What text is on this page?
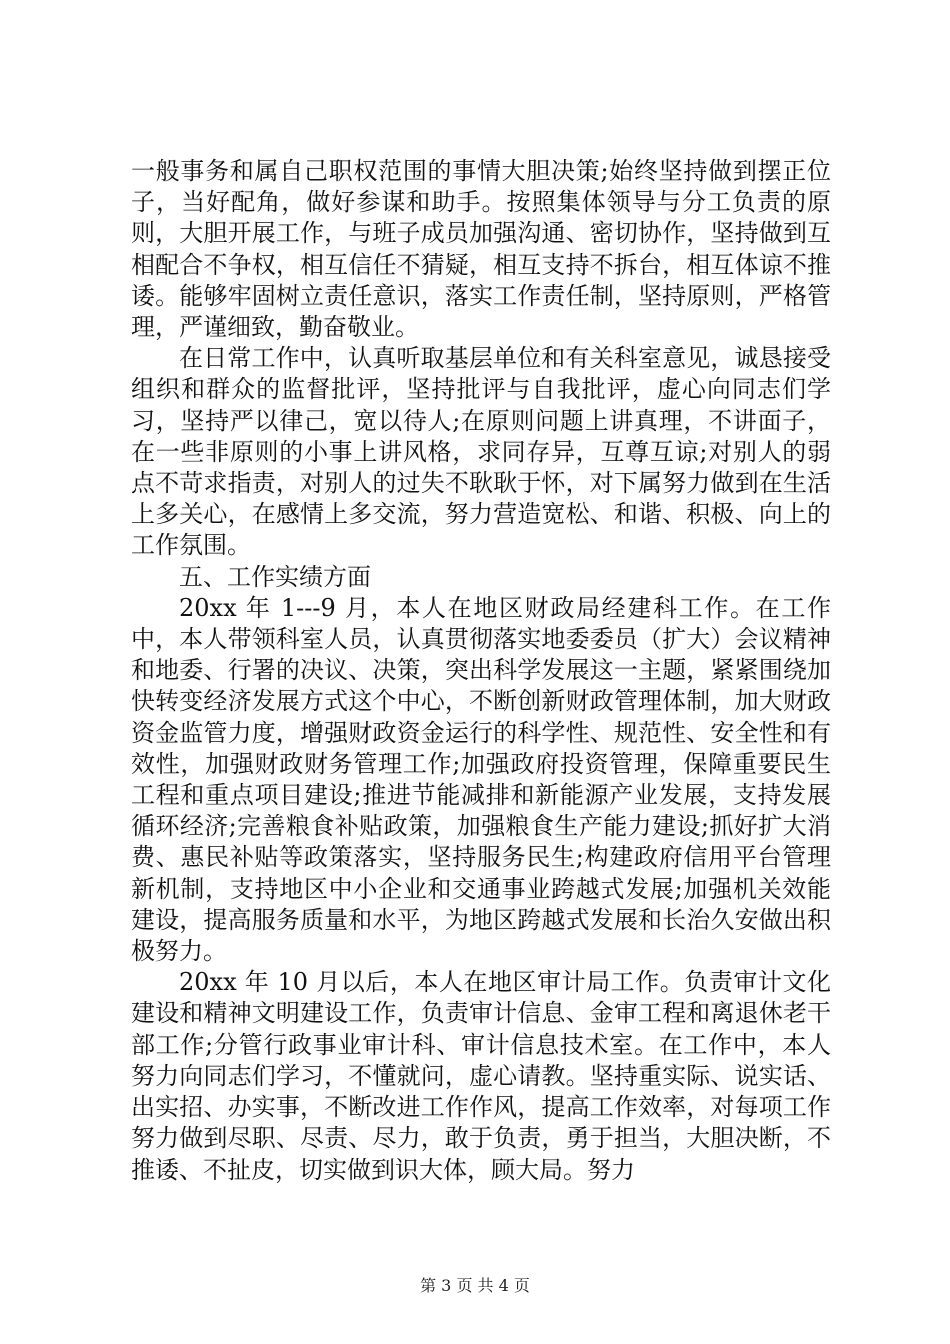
一般事务和属自己职权范围的事情大胆决策;始终坚持做到摆正位子，当好配角，做好参谋和助手。按照集体领导与分工负责的原则，大胆开展工作，与班子成员加强沟通、密切协作，坚持做到互相配合不争权，相互信任不猜疑，相互支持不拆台，相互体谅不推诿。能够牢固树立责任意识，落实工作责任制，坚持原则，严格管理，严谨细致，勤奋敬业。

在日常工作中，认真听取基层单位和有关科室意见，诚恳接受组织和群众的监督批评，坚持批评与自我批评，虚心向同志们学习，坚持严以律己，宽以待人;在原则问题上讲真理，不讲面子，在一些非原则的小事上讲风格，求同存异，互尊互谅;对别人的弱点不苛求指责，对别人的过失不耿耿于怀，对下属努力做到在生活上多关心，在感情上多交流，努力营造宽松、和谐、积极、向上的工作氛围。

五、工作实绩方面

20xx 年 1---9 月，本人在地区财政局经建科工作。在工作中，本人带领科室人员，认真贯彻落实地委委员（扩大）会议精神和地委、行署的决议、决策，突出科学发展这一主题，紧紧围绕加快转变经济发展方式这个中心，不断创新财政管理体制，加大财政资金监管力度，增强财政资金运行的科学性、规范性、安全性和有效性，加强财政财务管理工作;加强政府投资管理，保障重要民生工程和重点项目建设;推进节能减排和新能源产业发展，支持发展循环经济;完善粮食补贴政策，加强粮食生产能力建设;抓好扩大消费、惠民补贴等政策落实，坚持服务民生;构建政府信用平台管理新机制，支持地区中小企业和交通事业跨越式发展;加强机关效能建设，提高服务质量和水平，为地区跨越式发展和长治久安做出积极努力。

20xx 年 10 月以后，本人在地区审计局工作。负责审计文化建设和精神文明建设工作，负责审计信息、金审工程和离退休老干部工作;分管行政事业审计科、审计信息技术室。在工作中，本人努力向同志们学习，不懂就问，虚心请教。坚持重实际、说实话、出实招、办实事，不断改进工作作风，提高工作效率，对每项工作努力做到尽职、尽责、尽力，敢于负责，勇于担当，大胆决断，不推诿、不扯皮，切实做到识大体，顾大局。努力

第 3 页 共 4 页
